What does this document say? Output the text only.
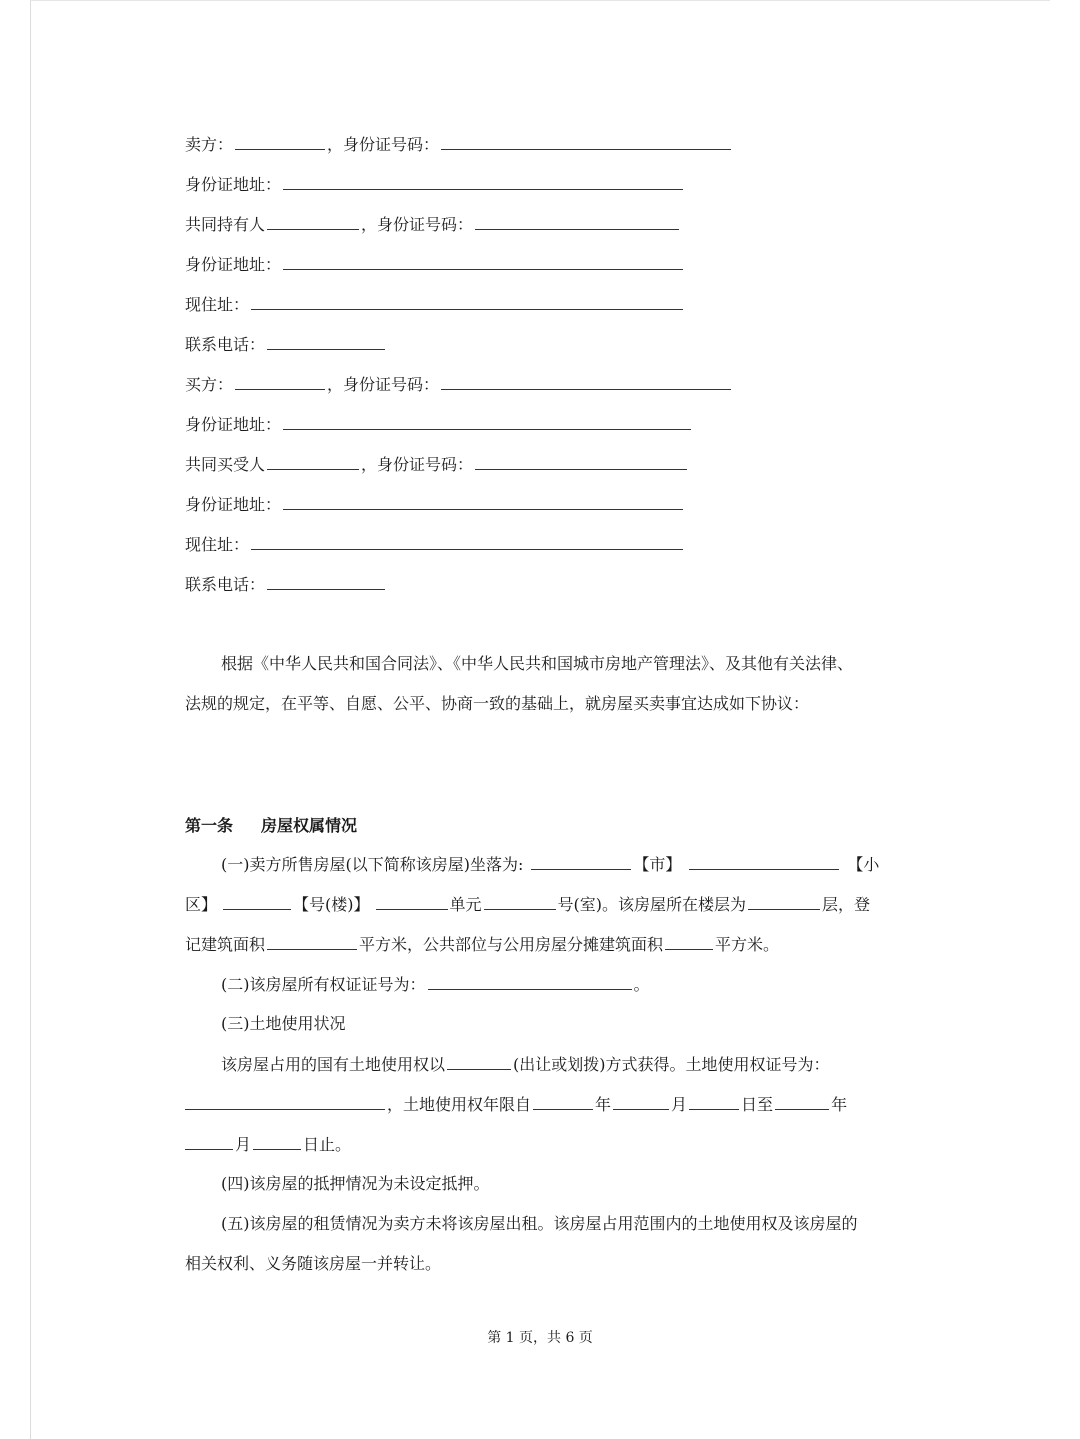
卖方：	，身份证号码：
身份证地址：
共同持有人	，身份证号码：
身份证地址：
现住址：
联系电话：
买方：	，身份证号码：
身份证地址：
共同买受人	，身份证号码：
身份证地址：
现住址：
联系电话：
根据《中华人民共和国合同法》、《中华人民共和国城市房地产管理法》、及其他有关法律、
法规的规定，在平等、自愿、公平、协商一致的基础上，就房屋买卖事宜达成如下协议：
第一条 房屋权属情况
(一)卖方所售房屋(以下简称该房屋)坐落为:	【市】	【小
区】	【号(楼)】	单元	号(室)。该房屋所在楼层为	层，登
记建筑面积	平方米，公共部位与公用房屋分摊建筑面积	平方米。
(二)该房屋所有权证证号为：	。
(三)土地使用状况
该房屋占用的国有土地使用权以	(出让或划拨)方式获得。土地使用权证号为：
，土地使用权年限自	年	月	日至	年
月	日止。
(四)该房屋的抵押情况为未设定抵押。
(五)该房屋的租赁情况为卖方未将该房屋出租。该房屋占用范围内的土地使用权及该房屋的
相关权利、义务随该房屋一并转让。
第 1 页，共 6 页
